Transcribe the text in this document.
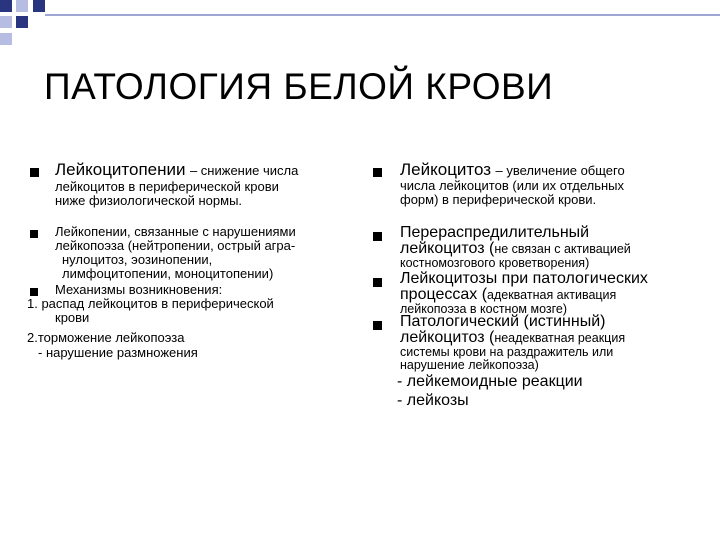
ПАТОЛОГИЯ БЕЛОЙ КРОВИ
Лейкоцитопении – снижение числа
лейкоцитов в периферической крови
ниже физиологической нормы.
Лейкопении, связанные с нарушениями
лейкопоэза (нейтропении, острый агра-
нулоцитоз, эозинопении,
лимфоцитопении, моноцитопении)
Механизмы возникновения:
1. распад лейкоцитов в периферической
крови
2.торможение лейкопоэза
- нарушение размножения
Лейкоцитоз – увеличение общего
числа лейкоцитов (или их отдельных
форм) в периферической крови.
Перераспредилительный
лейкоцитоз (не связан с активацией
костномозгового кроветворения)
Лейкоцитозы при патологических
процессах (адекватная активация
лейкопоэза в костном мозге)
Патологический (истинный)
лейкоцитоз (неадекватная реакция
системы крови на раздражитель или
нарушение лейкопоэза)
- лейкемоидные реакции
- лейкозы
